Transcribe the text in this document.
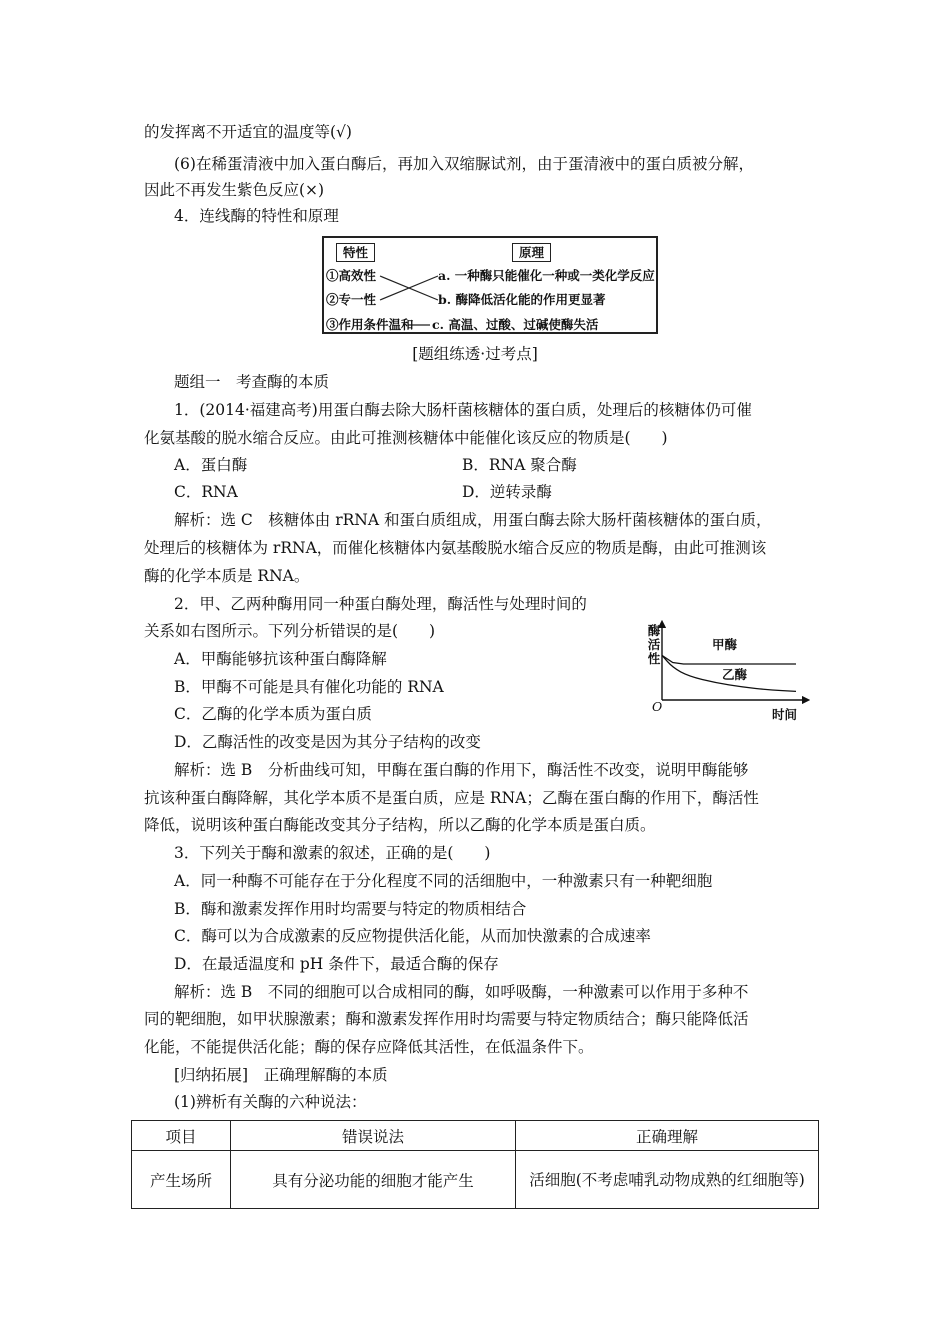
的发挥离不开适宜的温度等(√)
(6)在稀蛋清液中加入蛋白酶后，再加入双缩脲试剂，由于蛋清液中的蛋白质被分解，
因此不再发生紫色反应(×)
4．连线酶的特性和原理
特性	原理
①高效性
②专一性
③作用条件温和
a. 一种酶只能催化一种或一类化学反应
b. 酶降低活化能的作用更显著
c. 高温、过酸、过碱使酶失活
[题组练透·过考点]
题组一　考查酶的本质
1．(2014·福建高考)用蛋白酶去除大肠杆菌核糖体的蛋白质，处理后的核糖体仍可催
化氨基酸的脱水缩合反应。由此可推测核糖体中能催化该反应的物质是(　　)
A．蛋白酶	B．RNA 聚合酶
C．RNA	D．逆转录酶
解析：选 C　核糖体由 rRNA 和蛋白质组成，用蛋白酶去除大肠杆菌核糖体的蛋白质，
处理后的核糖体为 rRNA，而催化核糖体内氨基酸脱水缩合反应的物质是酶，由此可推测该
酶的化学本质是 RNA。
2．甲、乙两种酶用同一种蛋白酶处理，酶活性与处理时间的
关系如右图所示。下列分析错误的是(　　)
A．甲酶能够抗该种蛋白酶降解
B．甲酶不可能是具有催化功能的 RNA
C．乙酶的化学本质为蛋白质
D．乙酶活性的改变是因为其分子结构的改变
酶活性
时间
O
甲酶
乙酶
解析：选 B　分析曲线可知，甲酶在蛋白酶的作用下，酶活性不改变，说明甲酶能够
抗该种蛋白酶降解，其化学本质不是蛋白质，应是 RNA；乙酶在蛋白酶的作用下，酶活性
降低，说明该种蛋白酶能改变其分子结构，所以乙酶的化学本质是蛋白质。
3．下列关于酶和激素的叙述，正确的是(　　)
A．同一种酶不可能存在于分化程度不同的活细胞中，一种激素只有一种靶细胞
B．酶和激素发挥作用时均需要与特定的物质相结合
C．酶可以为合成激素的反应物提供活化能，从而加快激素的合成速率
D．在最适温度和 pH 条件下，最适合酶的保存
解析：选 B　不同的细胞可以合成相同的酶，如呼吸酶，一种激素可以作用于多种不
同的靶细胞，如甲状腺激素；酶和激素发挥作用时均需要与特定物质结合；酶只能降低活
化能，不能提供活化能；酶的保存应降低其活性，在低温条件下。
[归纳拓展]　正确理解酶的本质
(1)辨析有关酶的六种说法：
项目	错误说法	正确理解
产生场所	具有分泌功能的细胞才能产生	活细胞(不考虑哺乳动物成熟的红细胞等)
